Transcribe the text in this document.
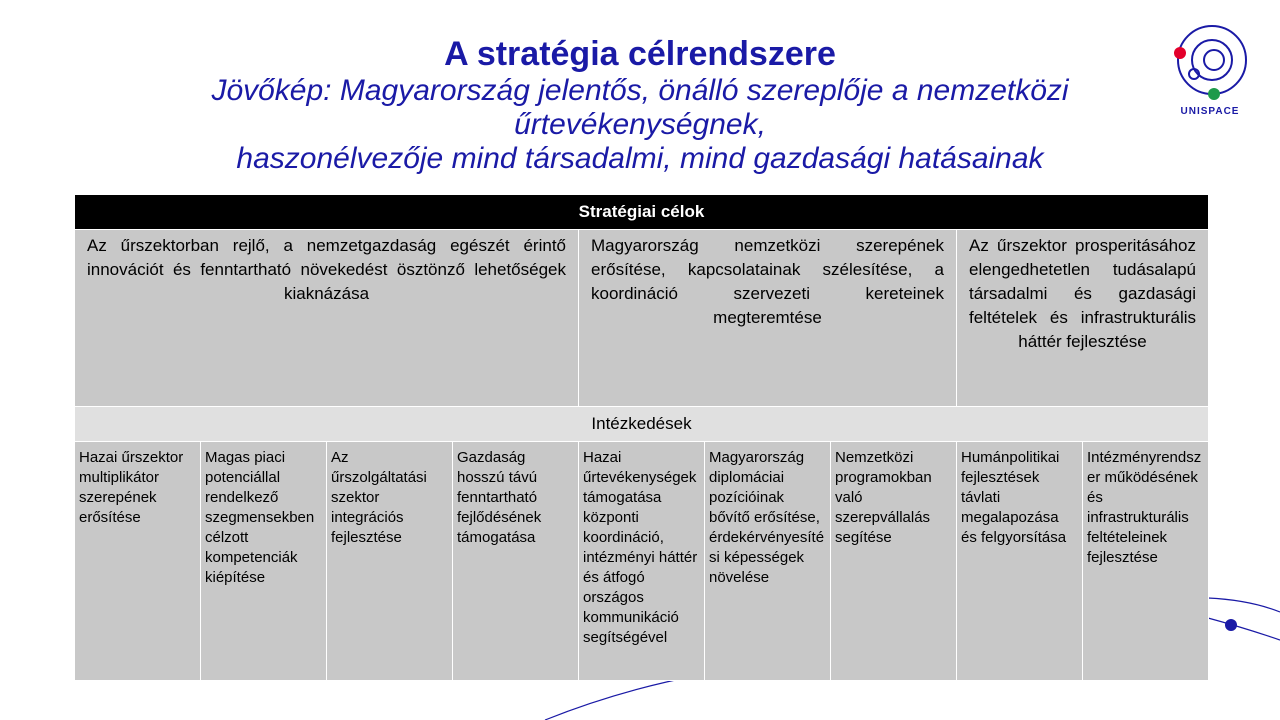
A stratégia célrendszere
Jövőkép: Magyarország jelentős, önálló szereplője a nemzetközi
űrtevékenységnek,
haszonélvezője mind társadalmi, mind gazdasági hatásainak
UNISPACE
Stratégiai célok								
Az űrszektorban rejlő, a nemzetgazdaság egészét érintő innovációt és fenntartható növekedést ösztönző lehetőségek kiaknázása				Magyarország nemzetközi szerepének erősítése, kapcsolatainak szélesítése, a koordináció szervezeti kereteinek megteremtése			Az űrszektor prosperitásához elengedhetetlen tudásalapú társadalmi és gazdasági feltételek és infrastrukturális háttér fejlesztése	
Intézkedések								
Hazai űrszektor multiplikátor szerepének erősítése	Magas piaci potenciállal rendelkező szegmensekben célzott kompetenciák kiépítése	Az űrszolgáltatási szektor integrációs fejlesztése	Gazdaság hosszú távú fenntartható fejlődésének támogatása	Hazai űrtevékenységek támogatása központi koordináció, intézményi háttér és átfogó országos kommunikáció segítségével	Magyarország diplomáciai pozícióinak bővítő erősítése, érdekérvényesítési képességek növelése	Nemzetközi programokban való szerepvállalás segítése	Humánpolitikai fejlesztések távlati megalapozása és felgyorsítása	Intézményrendszer működésének és infrastrukturális feltételeinek fejlesztése
